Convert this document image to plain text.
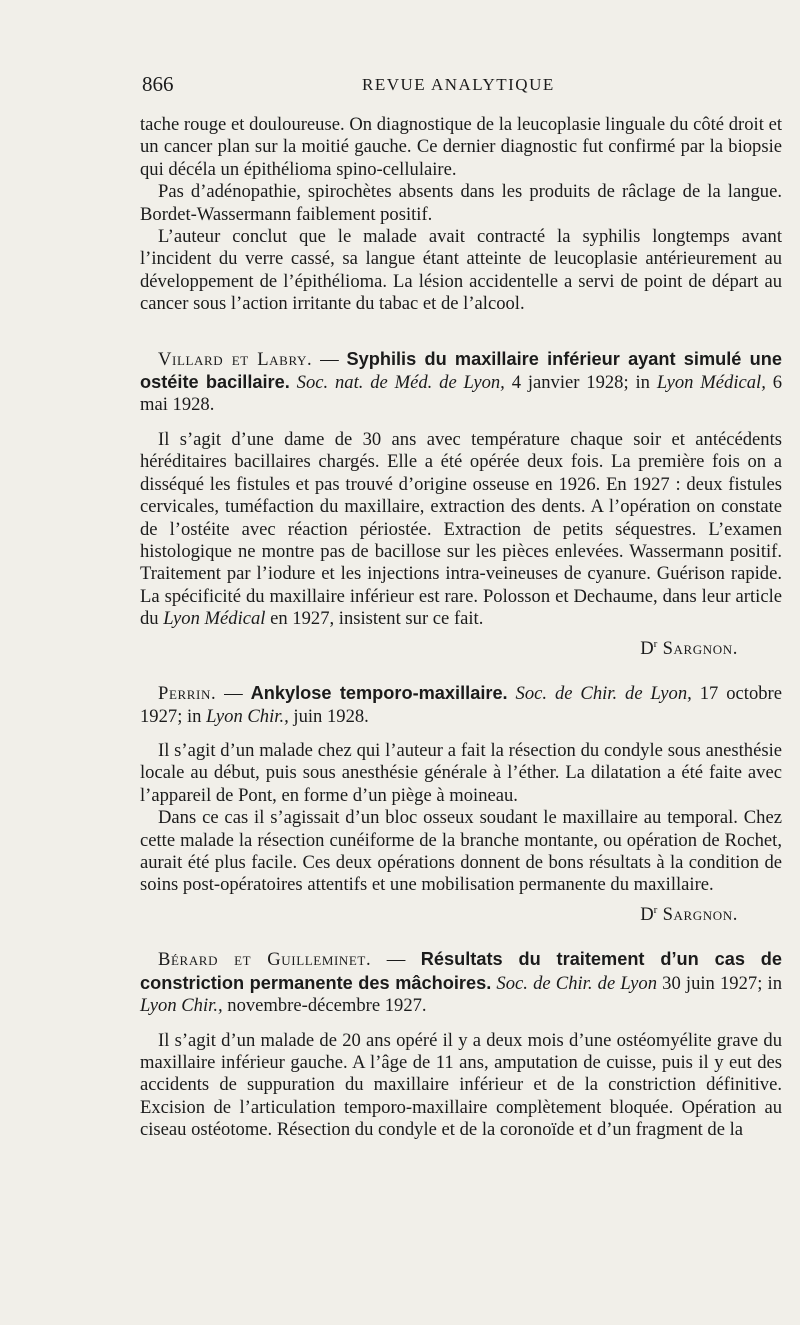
866	REVUE ANALYTIQUE

tache rouge et douloureuse. On diagnostique de la leucoplasie linguale du côté droit et un cancer plan sur la moitié gauche. Ce dernier diagnostic fut confirmé par la biopsie qui décéla un épithélioma spino-cellulaire.

Pas d’adénopathie, spirochètes absents dans les produits de râclage de la langue. Bordet-Wassermann faiblement positif.

L’auteur conclut que le malade avait contracté la syphilis longtemps avant l’incident du verre cassé, sa langue étant atteinte de leucoplasie antérieurement au développement de l’épithélioma. La lésion accidentelle a servi de point de départ au cancer sous l’action irritante du tabac et de l’alcool.

Villard et Labry. — Syphilis du maxillaire inférieur ayant simulé une ostéite bacillaire. Soc. nat. de Méd. de Lyon, 4 janvier 1928; in Lyon Médical, 6 mai 1928.

Il s’agit d’une dame de 30 ans avec température chaque soir et antécédents héréditaires bacillaires chargés. Elle a été opérée deux fois. La première fois on a disséqué les fistules et pas trouvé d’origine osseuse en 1926. En 1927 : deux fistules cervicales, tuméfaction du maxillaire, extraction des dents. A l’opération on constate de l’ostéite avec réaction périostée. Extraction de petits séquestres. L’examen histologique ne montre pas de bacillose sur les pièces enlevées. Wassermann positif. Traitement par l’iodure et les injections intra-veineuses de cyanure. Guérison rapide. La spécificité du maxillaire inférieur est rare. Polosson et Dechaume, dans leur article du Lyon Médical en 1927, insistent sur ce fait.

$D^r$ Sargnon.

Perrin. — Ankylose temporo-maxillaire. Soc. de Chir. de Lyon, 17 octobre 1927; in Lyon Chir., juin 1928.

Il s’agit d’un malade chez qui l’auteur a fait la résection du condyle sous anesthésie locale au début, puis sous anesthésie générale à l’éther. La dilatation a été faite avec l’appareil de Pont, en forme d’un piège à moineau.

Dans ce cas il s’agissait d’un bloc osseux soudant le maxillaire au temporal. Chez cette malade la résection cunéiforme de la branche montante, ou opération de Rochet, aurait été plus facile. Ces deux opérations donnent de bons résultats à la condition de soins post-opératoires attentifs et une mobilisation permanente du maxillaire.

$D^r$ Sargnon.

Bérard et Guilleminet. — Résultats du traitement d’un cas de constriction permanente des mâchoires. Soc. de Chir. de Lyon 30 juin 1927; in Lyon Chir., novembre-décembre 1927.

Il s’agit d’un malade de 20 ans opéré il y a deux mois d’une ostéomyélite grave du maxillaire inférieur gauche. A l’âge de 11 ans, amputation de cuisse, puis il y eut des accidents de suppuration du maxillaire inférieur et de la constriction définitive. Excision de l’articulation temporo-maxillaire complètement bloquée. Opération au ciseau ostéotome. Résection du condyle et de la coronoïde et d’un fragment de la
